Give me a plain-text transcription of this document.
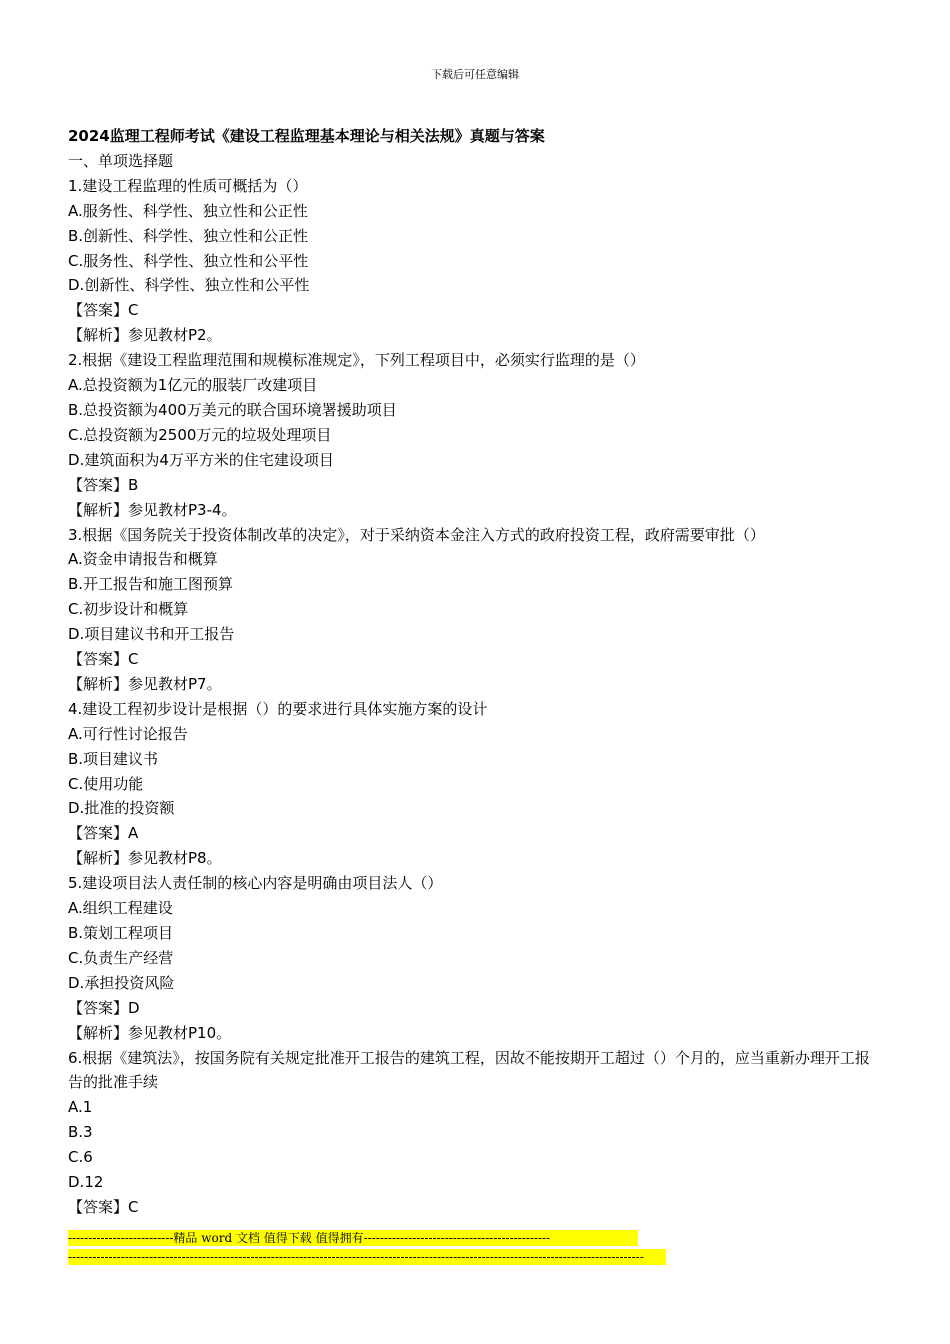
下载后可任意编辑
2024监理工程师考试《建设工程监理基本理论与相关法规》真题与答案
一、单项选择题
1.建设工程监理的性质可概括为（）
A.服务性、科学性、独立性和公正性
B.创新性、科学性、独立性和公正性
C.服务性、科学性、独立性和公平性
D.创新性、科学性、独立性和公平性
【答案】C
【解析】参见教材P2。
2.根据《建设工程监理范围和规模标准规定》，下列工程项目中，必须实行监理的是（）
A.总投资额为1亿元的服装厂改建项目
B.总投资额为400万美元的联合国环境署援助项目
C.总投资额为2500万元的垃圾处理项目
D.建筑面积为4万平方米的住宅建设项目
【答案】B
【解析】参见教材P3-4。
3.根据《国务院关于投资体制改革的决定》，对于采纳资本金注入方式的政府投资工程，政府需要审批（）
A.资金申请报告和概算
B.开工报告和施工图预算
C.初步设计和概算
D.项目建议书和开工报告
【答案】C
【解析】参见教材P7。
4.建设工程初步设计是根据（）的要求进行具体实施方案的设计
A.可行性讨论报告
B.项目建议书
C.使用功能
D.批准的投资额
【答案】A
【解析】参见教材P8。
5.建设项目法人责任制的核心内容是明确由项目法人（）
A.组织工程建设
B.策划工程项目
C.负责生产经营
D.承担投资风险
【答案】D
【解析】参见教材P10。
6.根据《建筑法》，按国务院有关规定批准开工报告的建筑工程，因故不能按期开工超过（）个月的，应当重新办理开工报告的批准手续
A.1
B.3
C.6
D.12
【答案】C
--------------------------精品 word 文档 值得下载 值得拥有----------------------------------------------
----------------------------------------------------------------------------------------------------------------------------------------------
